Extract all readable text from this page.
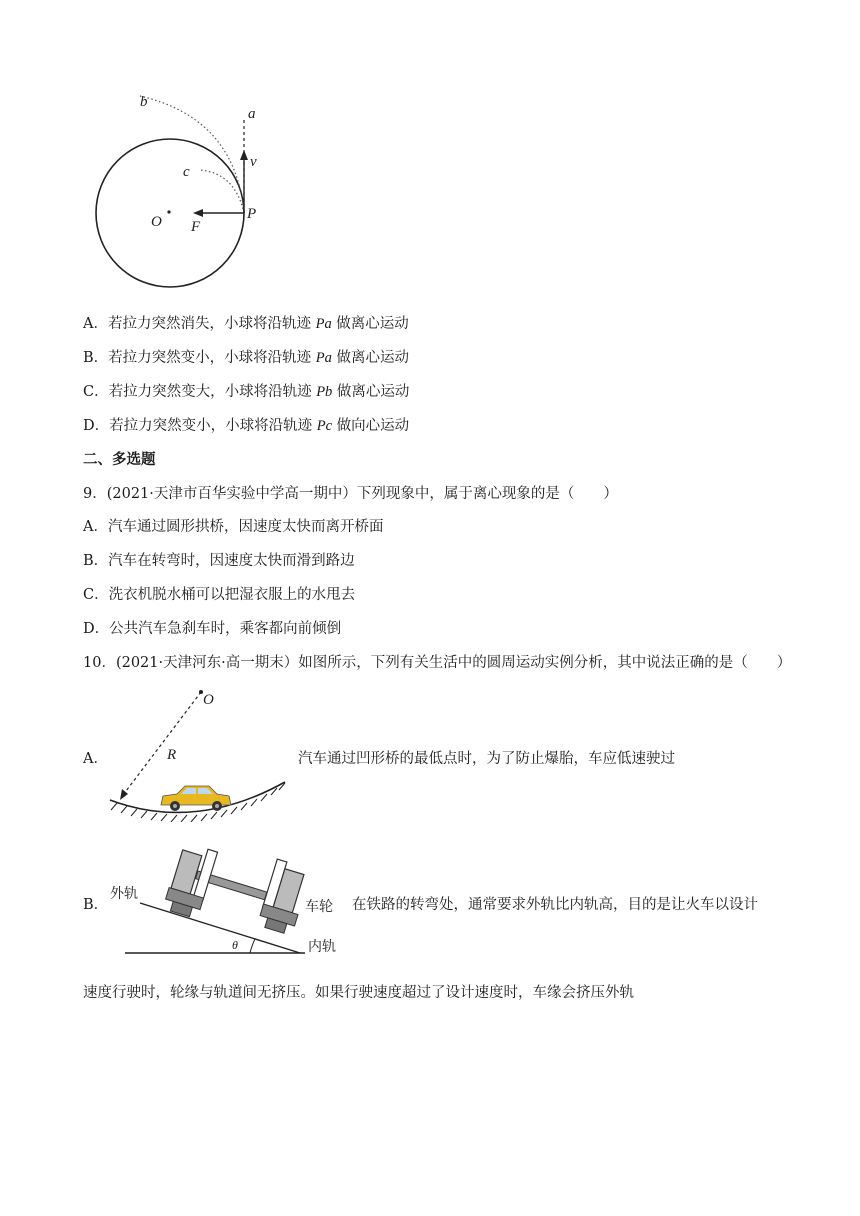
b
a
v
c
O F
P
A．若拉力突然消失，小球将沿轨迹 Pa 做离心运动
B．若拉力突然变小，小球将沿轨迹 Pa 做离心运动
C．若拉力突然变大，小球将沿轨迹 Pb 做离心运动
D．若拉力突然变小，小球将沿轨迹 Pc 做向心运动
二、多选题
9．(2021·天津市百华实验中学高一期中）下列现象中，属于离心现象的是（　　）
A．汽车通过圆形拱桥，因速度太快而离开桥面
B．汽车在转弯时，因速度太快而滑到路边
C．洗衣机脱水桶可以把湿衣服上的水甩去
D．公共汽车急刹车时，乘客都向前倾倒
10．(2021·天津河东·高一期末）如图所示，下列有关生活中的圆周运动实例分析，其中说法正确的是（　　）
A．
O
R	汽车通过凹形桥的最低点时，为了防止爆胎，车应低速驶过
B．
θ
外轨
车轮
内轨
在铁路的转弯处，通常要求外轨比内轨高，目的是让火车以设计
速度行驶时，轮缘与轨道间无挤压。如果行驶速度超过了设计速度时，车缘会挤压外轨
